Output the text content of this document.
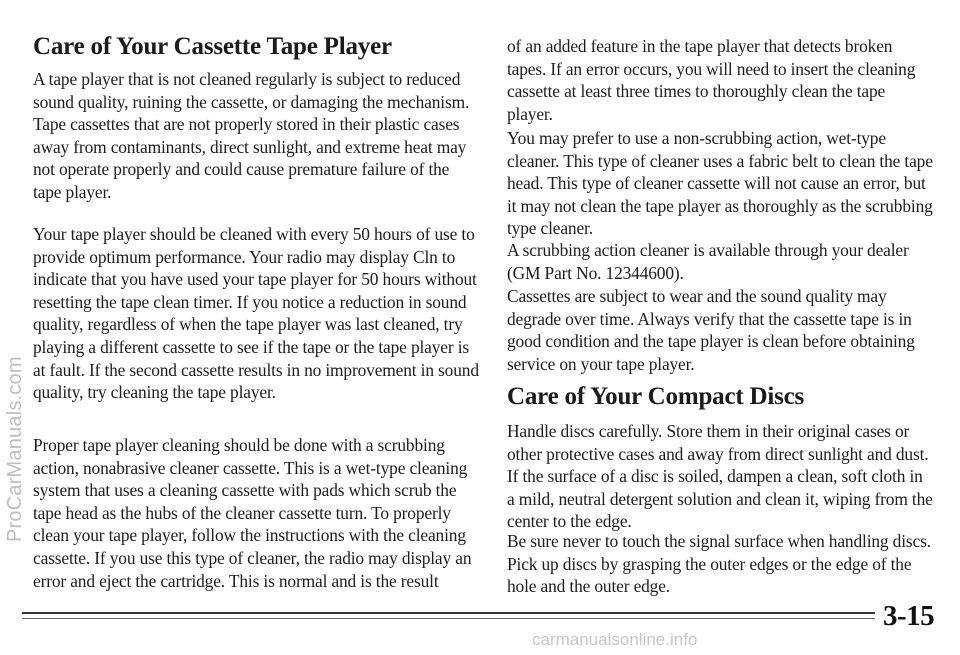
Care of Your Cassette Tape Player

A tape player that is not cleaned regularly is subject to reduced sound quality, ruining the cassette, or damaging the mechanism. Tape cassettes that are not properly stored in their plastic cases away from contaminants, direct sunlight, and extreme heat may not operate properly and could cause premature failure of the tape player.

Your tape player should be cleaned with every 50 hours of use to provide optimum performance. Your radio may display Cln to indicate that you have used your tape player for 50 hours without resetting the tape clean timer. If you notice a reduction in sound quality, regardless of when the tape player was last cleaned, try playing a different cassette to see if the tape or the tape player is at fault. If the second cassette results in no improvement in sound quality, try cleaning the tape player.

Proper tape player cleaning should be done with a scrubbing action, nonabrasive cleaner cassette. This is a wet-type cleaning system that uses a cleaning cassette with pads which scrub the tape head as the hubs of the cleaner cassette turn. To properly clean your tape player, follow the instructions with the cleaning cassette. If you use this type of cleaner, the radio may display an error and eject the cartridge. This is normal and is the result

of an added feature in the tape player that detects broken tapes. If an error occurs, you will need to insert the cleaning cassette at least three times to thoroughly clean the tape player.

You may prefer to use a non-scrubbing action, wet-type cleaner. This type of cleaner uses a fabric belt to clean the tape head. This type of cleaner cassette will not cause an error, but it may not clean the tape player as thoroughly as the scrubbing type cleaner.

A scrubbing action cleaner is available through your dealer (GM Part No. 12344600).

Cassettes are subject to wear and the sound quality may degrade over time. Always verify that the cassette tape is in good condition and the tape player is clean before obtaining service on your tape player.

Care of Your Compact Discs

Handle discs carefully. Store them in their original cases or other protective cases and away from direct sunlight and dust. If the surface of a disc is soiled, dampen a clean, soft cloth in a mild, neutral detergent solution and clean it, wiping from the center to the edge.

Be sure never to touch the signal surface when handling discs. Pick up discs by grasping the outer edges or the edge of the hole and the outer edge.

3-15
ProCarManuals.com
carmanualsonline.info
